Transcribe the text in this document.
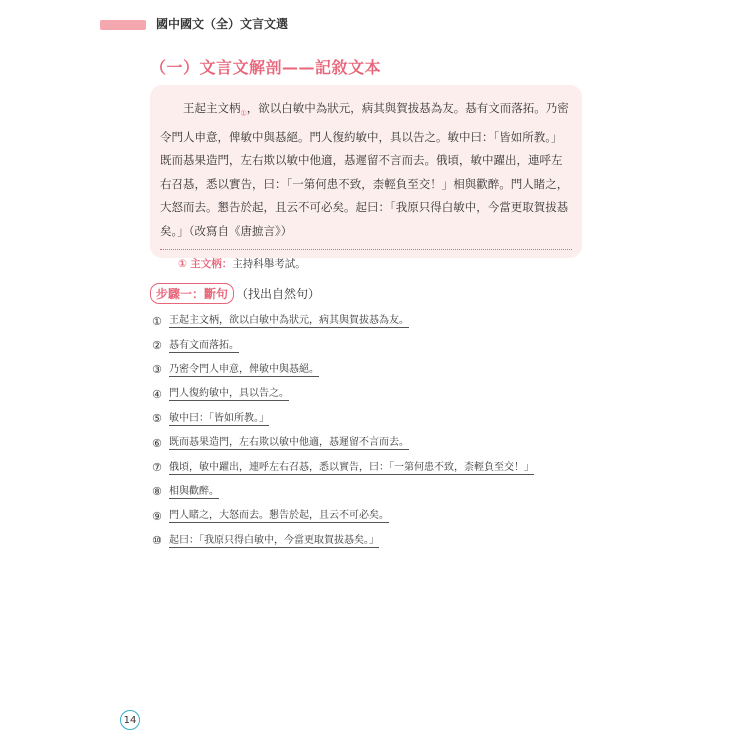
國中國文（全）文言文選
（一）文言文解剖——記敘文本

王起主文柄$_①$，欲以白敏中為狀元，病其與賀拔惎為友。惎有文而落拓。乃密令門人申意，俾敏中與惎絕。門人復約敏中，具以告之。敏中曰：「皆如所教。」既而惎果造門，左右欺以敏中他適，惎遲留不言而去。俄頃，敏中躍出，連呼左右召惎，悉以實告，曰：「一第何患不致，柰輕負至交！」相與歡醉。門人睹之，大怒而去。懇告於起，且云不可必矣。起曰：「我原只得白敏中，今當更取賀拔惎矣。」（改寫自《唐摭言》）

① 主文柄：主持科舉考試。
步驟一：斷句 （找出自然句）
① 王起主文柄，欲以白敏中為狀元，病其與賀拔惎為友。
② 惎有文而落拓。
③ 乃密令門人申意，俾敏中與惎絕。
④ 門人復約敏中，具以告之。
⑤ 敏中曰：「皆如所教。」
⑥ 既而惎果造門，左右欺以敏中他適，惎遲留不言而去。
⑦ 俄頃，敏中躍出，連呼左右召惎，悉以實告，曰：「一第何患不致，柰輕負至交！」
⑧ 相與歡醉。
⑨ 門人睹之，大怒而去。懇告於起，且云不可必矣。
⑩ 起曰：「我原只得白敏中，今當更取賀拔惎矣。」
14
